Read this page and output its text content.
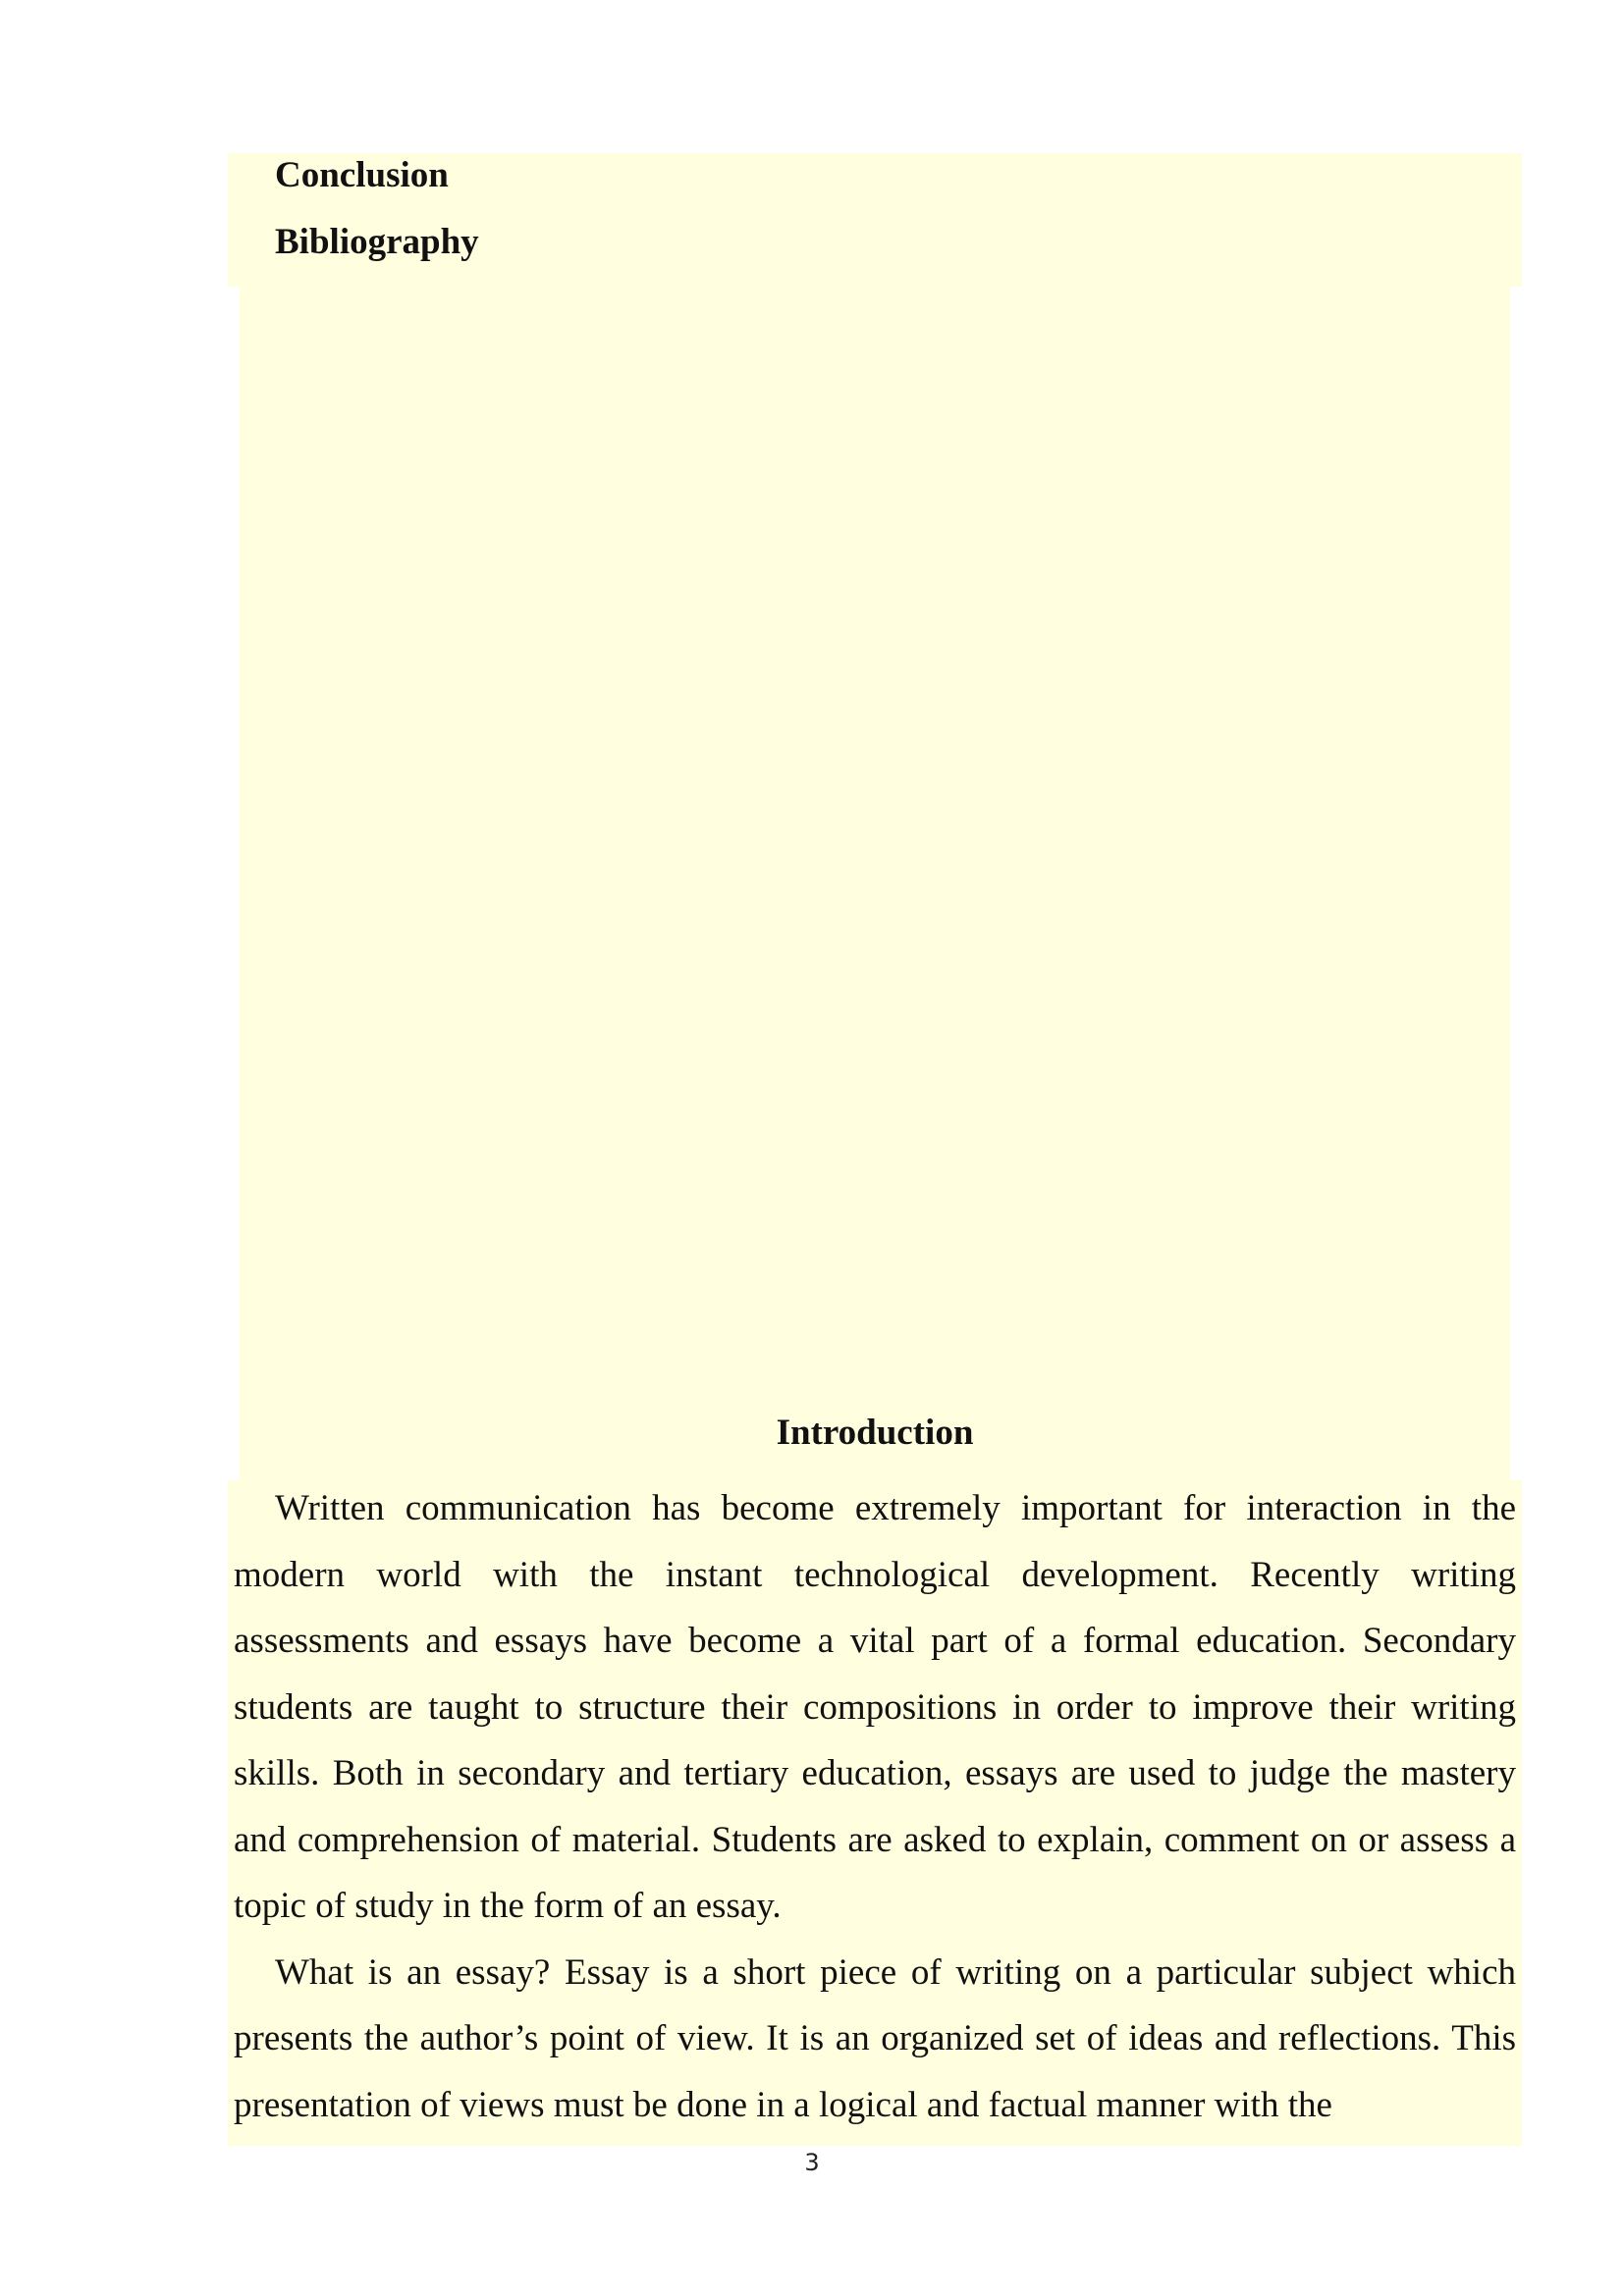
Conclusion
Bibliography
Introduction

Written communication has become extremely important for interaction in the modern world with the instant technological development. Recently writing assessments and essays have become a vital part of a formal education. Secondary students are taught to structure their compositions in order to improve their writing skills. Both in secondary and tertiary education, essays are used to judge the mastery and comprehension of material. Students are asked to explain, comment on or assess a topic of study in the form of an essay.

What is an essay? Essay is a short piece of writing on a particular subject which presents the author’s point of view. It is an organized set of ideas and reflections. This presentation of views must be done in a logical and factual manner with the

3
